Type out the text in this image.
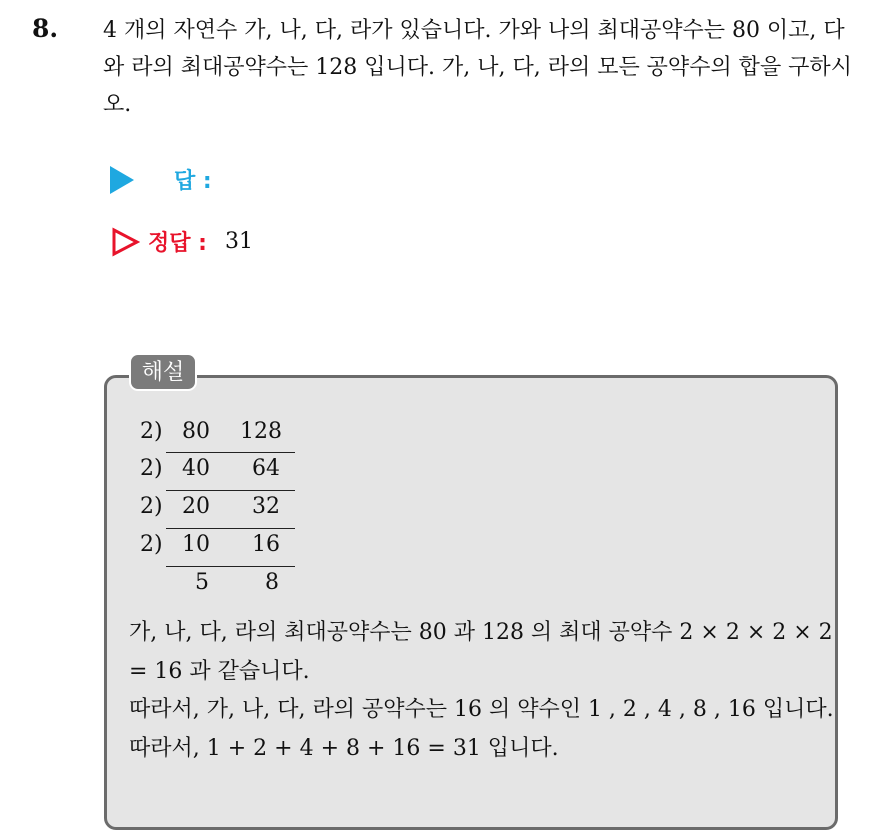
8. 4 개의 자연수 가, 나, 다, 라가 있습니다. 가와 나의 최대공약수는 80 이고, 다와 라의 최대공약수는 128 입니다. 가, 나, 다, 라의 모든 공약수의 합을 구하시오.
답 :
정답 : 31
해설
2) 80 128
2) 40 64
2) 20 32
2) 10 16
5	8
가, 나, 다, 라의 최대공약수는 80 과 128 의 최대 공약수 2 × 2 × 2 × 2 = 16 과 같습니다.
따라서, 가, 나, 다, 라의 공약수는 16 의 약수인 1 , 2 , 4 , 8 , 16 입니다.
따라서, 1 + 2 + 4 + 8 + 16 = 31 입니다.
